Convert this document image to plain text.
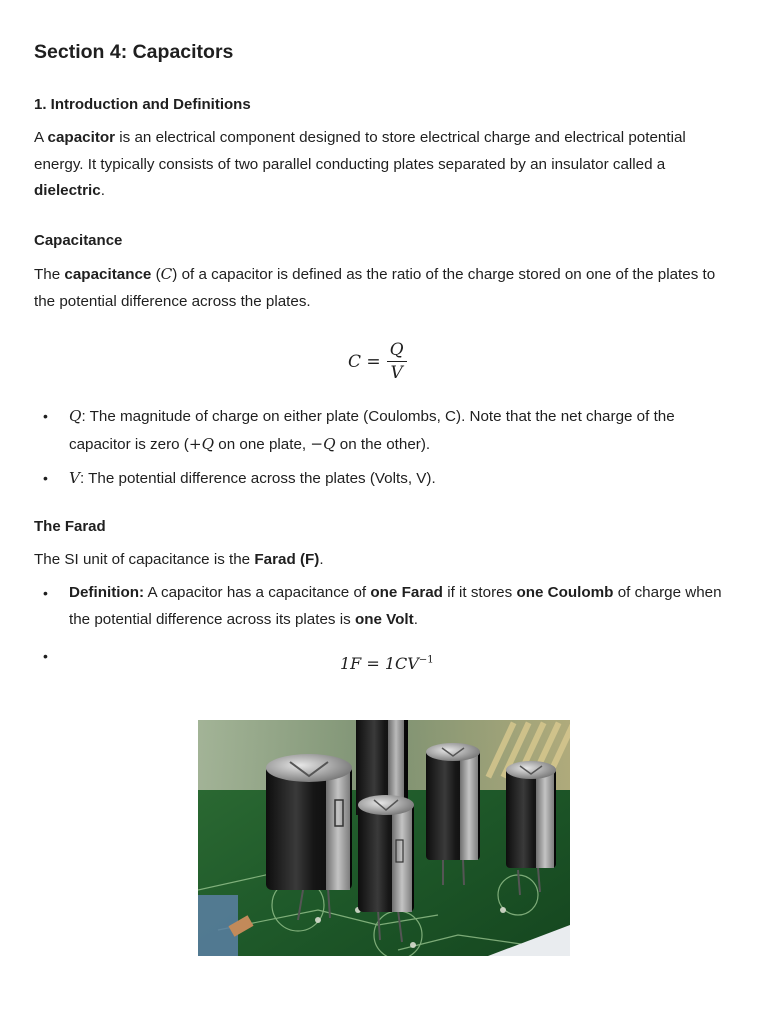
Section 4: Capacitors
1. Introduction and Definitions

A capacitor is an electrical component designed to store electrical charge and electrical potential energy. It typically consists of two parallel conducting plates separated by an insulator called a dielectric.

Capacitance

The capacitance (C) of a capacitor is defined as the ratio of the charge stored on one of the plates to the potential difference across the plates.

$C = \frac{Q}{V}$
• Q: The magnitude of charge on either plate (Coulombs, C). Note that the net charge of the capacitor is zero (+Q on one plate, −Q on the other).
• V: The potential difference across the plates (Volts, V).
The Farad

The SI unit of capacitance is the Farad (F).

• Definition: A capacitor has a capacitance of one Farad if it stores one Coulomb of charge when the potential difference across its plates is one Volt.
•
$1F = 1CV^{-1}$
